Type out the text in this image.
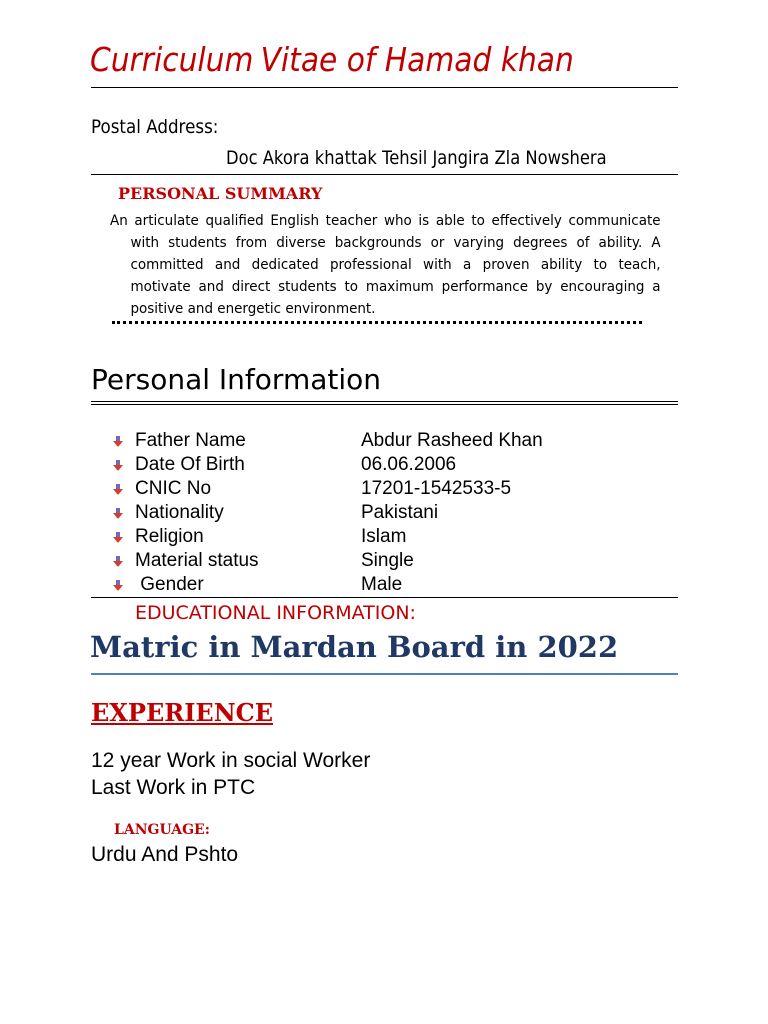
Curriculum Vitae of Hamad khan
Postal Address:
Doc Akora khattak Tehsil Jangira Zla Nowshera
PERSONAL SUMMARY
An articulate qualified English teacher who is able to effectively communicate with students from diverse backgrounds or varying degrees of ability. A committed and dedicated professional with a proven ability to teach, motivate and direct students to maximum performance by encouraging a positive and energetic environment.
Personal Information
Father Name	Abdur Rasheed Khan
Date Of Birth	06.06.2006
CNIC No	17201-1542533-5
Nationality	Pakistani
Religion	Islam
Material status	Single
Gender	Male
EDUCATIONAL INFORMATION:
Matric in Mardan Board in 2022
EXPERIENCE
12 year Work in social Worker
Last Work in PTC
LANGUAGE:
Urdu And Pshto
